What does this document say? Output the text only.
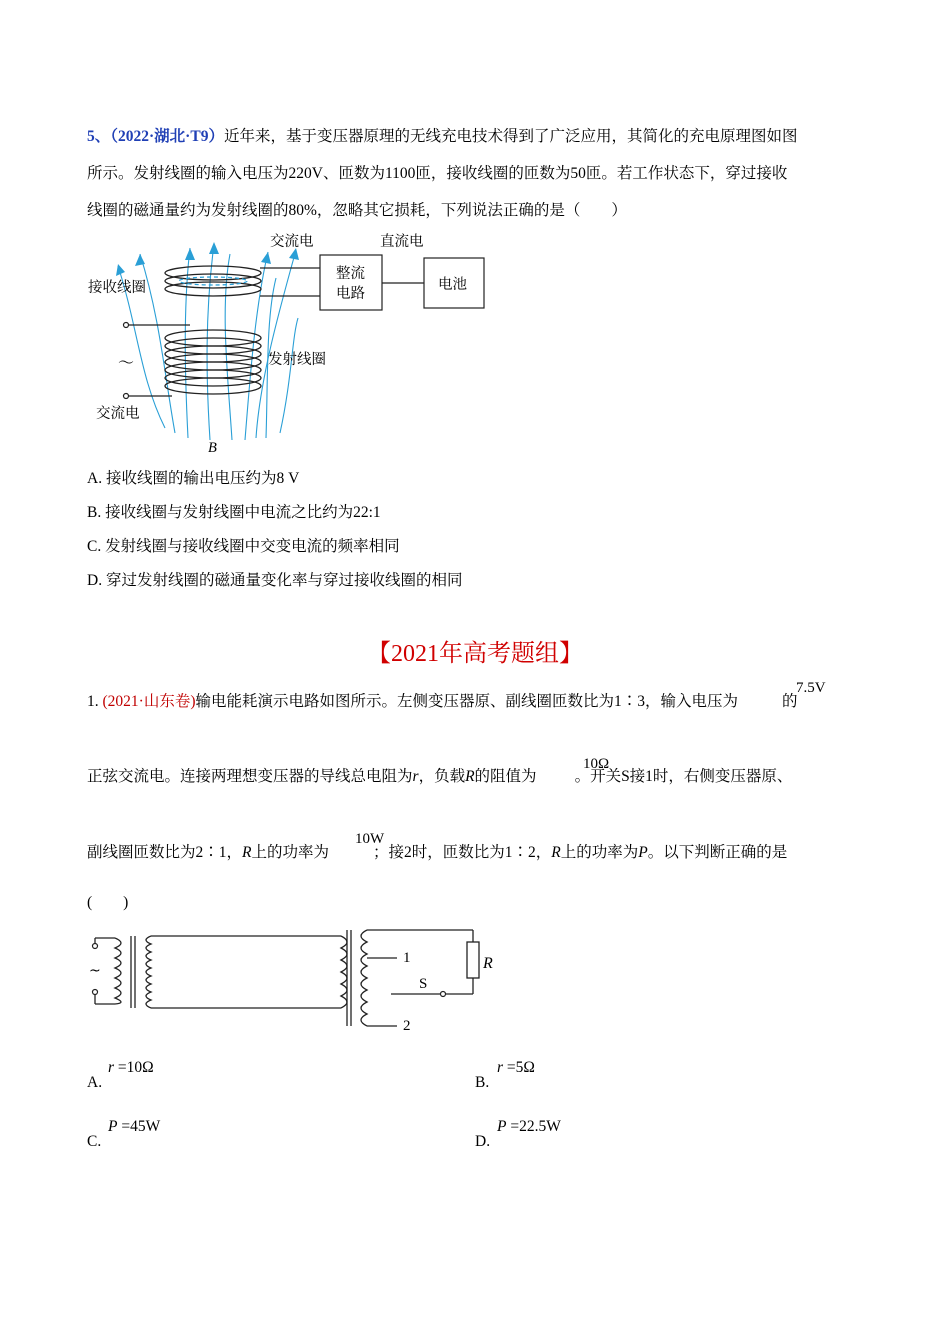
5、（2022·湖北·T9）近年来，基于变压器原理的无线充电技术得到了广泛应用，其简化的充电原理图如图
所示。发射线圈的输入电压为220V、匝数为1100匝，接收线圈的匝数为50匝。若工作状态下，穿过接收
线圈的磁通量约为发射线圈的80%，忽略其它损耗，下列说法正确的是（　　）
交流电	直流电
整流
电路
电池
接收线圈
发射线圈
～
交流电
B
A. 接收线圈的输出电压约为8 V
B. 接收线圈与发射线圈中电流之比约为22:1
C. 发射线圈与接收线圈中交变电流的频率相同
D. 穿过发射线圈的磁通量变化率与穿过接收线圈的相同
【2021年高考题组】
1. (2021·山东卷)输电能耗演示电路如图所示。左侧变压器原、副线圈匝数比为1∶3，输入电压为	的
7.5V
正弦交流电。连接两理想变压器的导线总电阻为r，负载R的阻值为 。开关S接1时，右侧变压器原、
10Ω
副线圈匝数比为2∶1，R上的功率为	；接2时，匝数比为1∶2，R上的功率为P。以下判断正确的是
10W
(　　)
~
1
2
S
R
A.
r =10Ω
B.
r =5Ω
C.
P =45W
D.
P =22.5W
